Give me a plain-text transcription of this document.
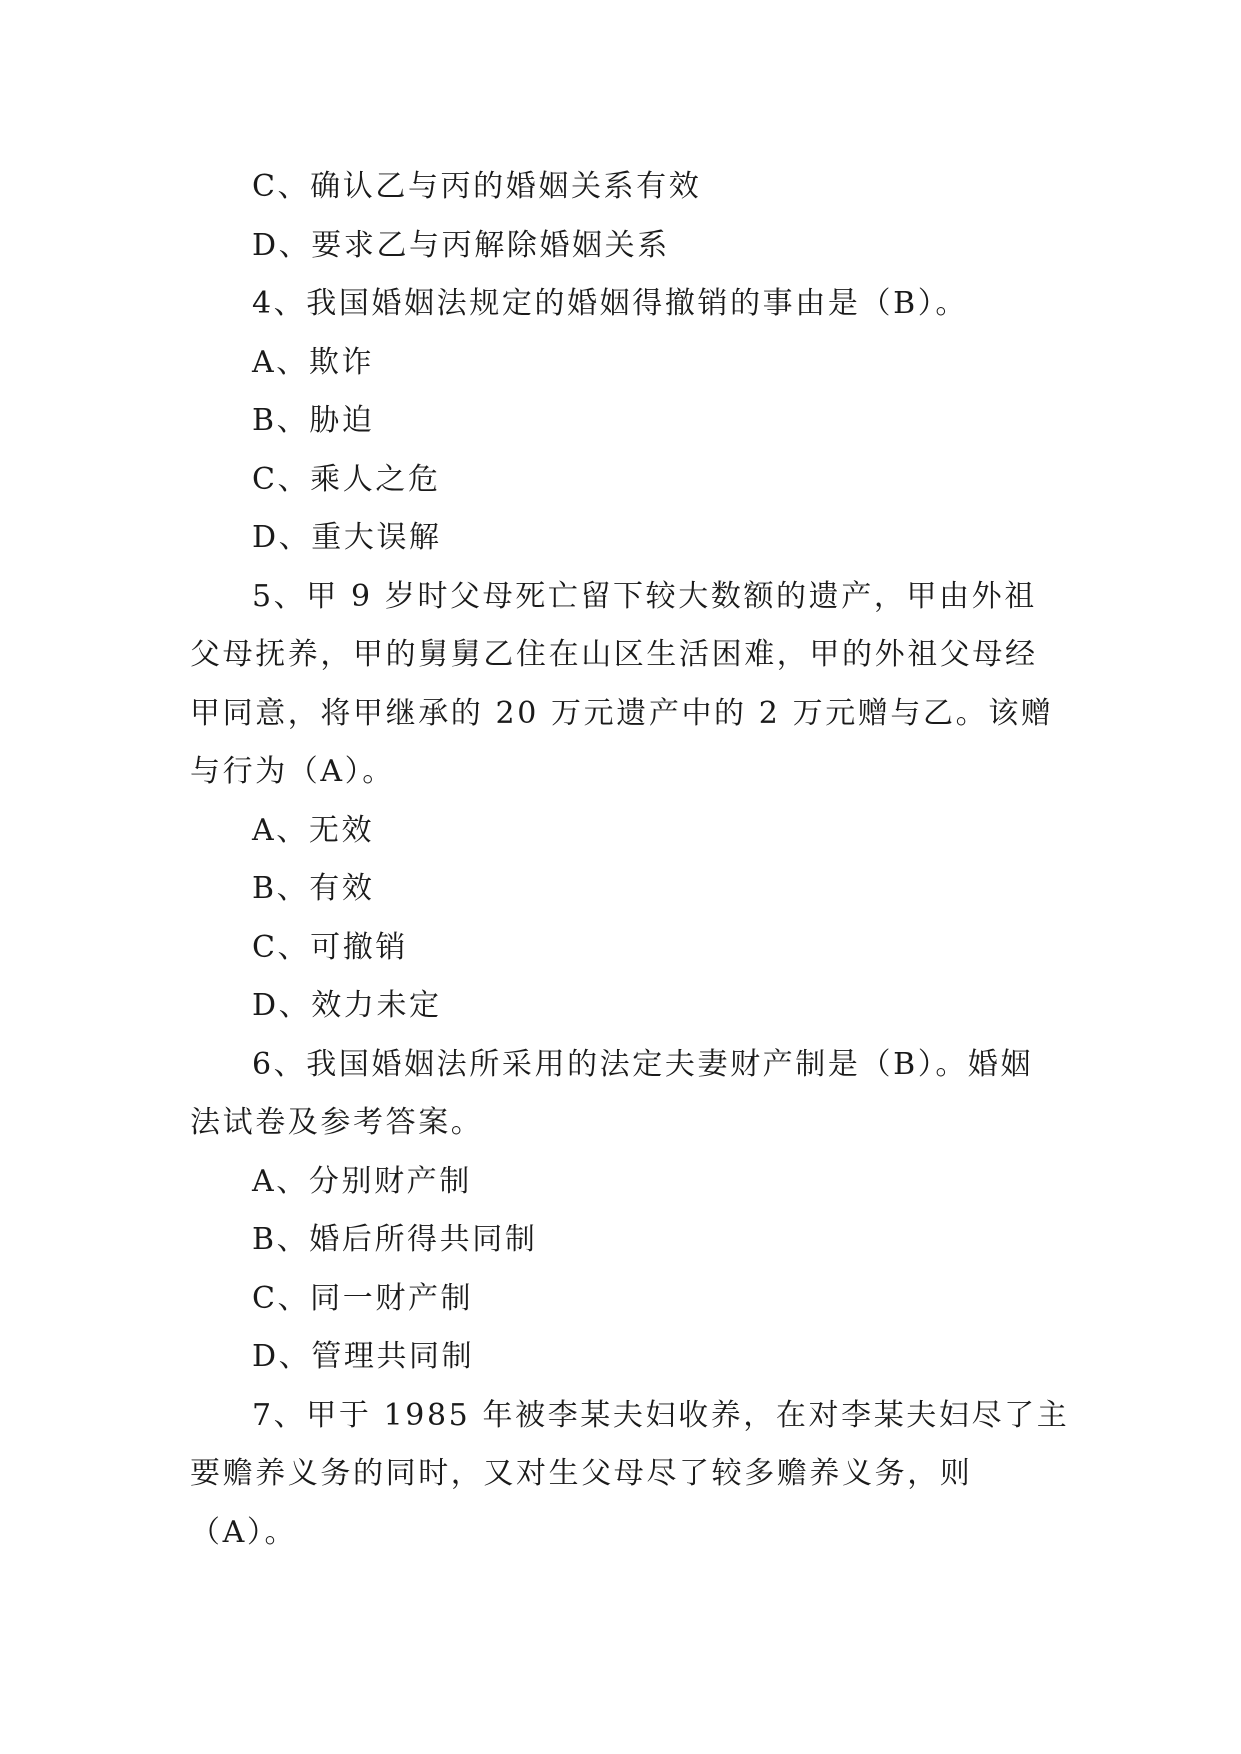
C、确认乙与丙的婚姻关系有效

D、要求乙与丙解除婚姻关系

4、我国婚姻法规定的婚姻得撤销的事由是（B）。

A、欺诈

B、胁迫

C、乘人之危

D、重大误解

5、甲 9 岁时父母死亡留下较大数额的遗产，甲由外祖

父母抚养，甲的舅舅乙住在山区生活困难，甲的外祖父母经

甲同意，将甲继承的 20 万元遗产中的 2 万元赠与乙。该赠

与行为（A）。

A、无效

B、有效

C、可撤销

D、效力未定

6、我国婚姻法所采用的法定夫妻财产制是（B）。婚姻

法试卷及参考答案。

A、分别财产制

B、婚后所得共同制

C、同一财产制

D、管理共同制

7、甲于 1985 年被李某夫妇收养，在对李某夫妇尽了主

要赡养义务的同时，又对生父母尽了较多赡养义务，则

（A）。
